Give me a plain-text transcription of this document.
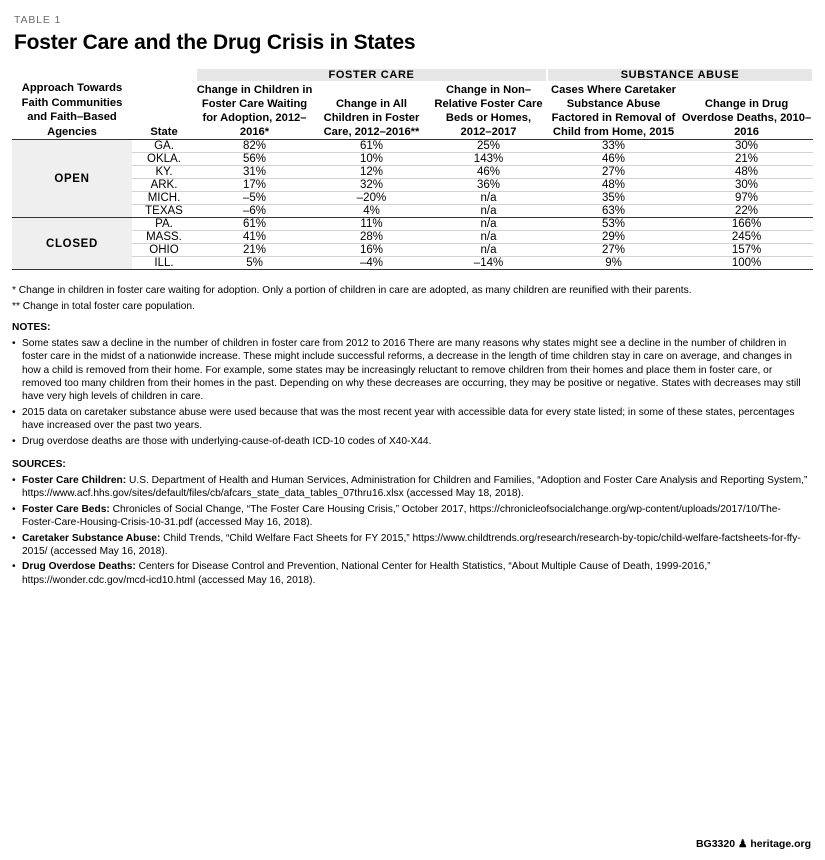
TABLE 1
Foster Care and the Drug Crisis in States
		FOSTER CARE			SUBSTANCE ABUSE	
Approach Towards Faith Communities and Faith–Based Agencies	State	Change in Children in Foster Care Waiting for Adoption, 2012–2016*	Change in All Children in Foster Care, 2012–2016**	Change in Non–Relative Foster Care Beds or Homes, 2012–2017	Cases Where Caretaker Substance Abuse Factored in Removal of Child from Home, 2015	Change in Drug Overdose Deaths, 2010–2016
OPEN	GA.	82%	61%	25%	33%	30%
	OKLA.	56%	10%	143%	46%	21%
	KY.	31%	12%	46%	27%	48%
	ARK.	17%	32%	36%	48%	30%
	MICH.	–5%	–20%	n/a	35%	97%
	TEXAS	–6%	4%	n/a	63%	22%
CLOSED	PA.	61%	11%	n/a	53%	166%
	MASS.	41%	28%	n/a	29%	245%
	OHIO	21%	16%	n/a	27%	157%
	ILL.	5%	–4%	–14%	9%	100%
* Change in children in foster care waiting for adoption. Only a portion of children in care are adopted, as many children are reunified with their parents.
** Change in total foster care population.
NOTES:
• Some states saw a decline in the number of children in foster care from 2012 to 2016 There are many reasons why states might see a decline in the number of children in foster care in the midst of a nationwide increase. These might include successful reforms, a decrease in the length of time children stay in care on average, and changes in how a child is removed from their home. For example, some states may be increasingly reluctant to remove children from their homes and place them in foster care, or removed too many children from their homes in the past. Depending on why these decreases are occurring, they may be positive or negative. States with decreases may still have very high levels of children in care.
• 2015 data on caretaker substance abuse were used because that was the most recent year with accessible data for every state listed; in some of these states, percentages have increased over the past two years.
• Drug overdose deaths are those with underlying-cause-of-death ICD-10 codes of X40-X44.
SOURCES:
• Foster Care Children: U.S. Department of Health and Human Services, Administration for Children and Families, “Adoption and Foster Care Analysis and Reporting System,” https://www.acf.hhs.gov/sites/default/files/cb/afcars_state_data_tables_07thru16.xlsx (accessed May 18, 2018).
• Foster Care Beds: Chronicles of Social Change, “The Foster Care Housing Crisis,” October 2017, https://chronicleofsocialchange.org/wp-content/uploads/2017/10/The-Foster-Care-Housing-Crisis-10-31.pdf (accessed May 16, 2018).
• Caretaker Substance Abuse: Child Trends, “Child Welfare Fact Sheets for FY 2015,” https://www.childtrends.org/research/research-by-topic/child-welfare-factsheets-for-ffy-2015/ (accessed May 16, 2018).
• Drug Overdose Deaths: Centers for Disease Control and Prevention, National Center for Health Statistics, “About Multiple Cause of Death, 1999-2016,” https://wonder.cdc.gov/mcd-icd10.html (accessed May 16, 2018).
BG3320 ♟ heritage.org
